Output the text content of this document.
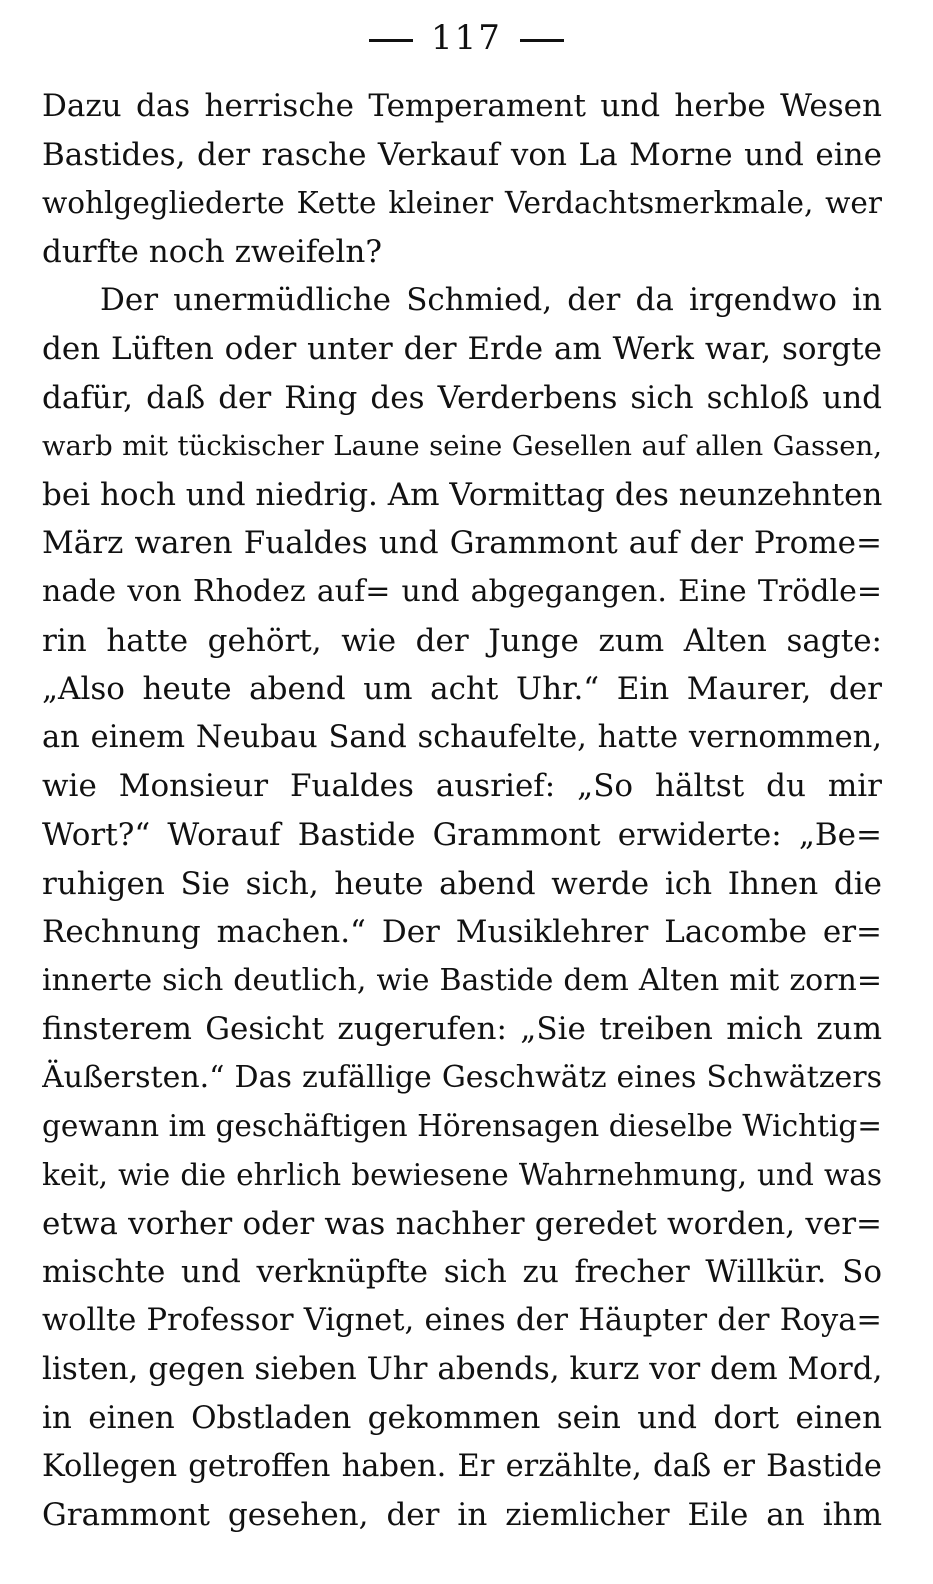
117
Dazu das herrische Temperament und herbe Wesen
Bastides, der rasche Verkauf von La Morne und eine
wohlgegliederte Kette kleiner Verdachtsmerkmale, wer
durfte noch zweifeln?
Der unermüdliche Schmied, der da irgendwo in
den Lüften oder unter der Erde am Werk war, sorgte
dafür, daß der Ring des Verderbens sich schloß und
warb mit tückischer Laune seine Gesellen auf allen Gassen,
bei hoch und niedrig. Am Vormittag des neunzehnten
März waren Fualdes und Grammont auf der Prome=
nade von Rhodez auf= und abgegangen. Eine Trödle=
rin hatte gehört, wie der Junge zum Alten sagte:
„Also heute abend um acht Uhr.“ Ein Maurer, der
an einem Neubau Sand schaufelte, hatte vernommen,
wie Monsieur Fualdes ausrief: „So hältst du mir
Wort?“ Worauf Bastide Grammont erwiderte: „Be=
ruhigen Sie sich, heute abend werde ich Ihnen die
Rechnung machen.“ Der Musiklehrer Lacombe er=
innerte sich deutlich, wie Bastide dem Alten mit zorn=
finsterem Gesicht zugerufen: „Sie treiben mich zum
Äußersten.“ Das zufällige Geschwätz eines Schwätzers
gewann im geschäftigen Hörensagen dieselbe Wichtig=
keit, wie die ehrlich bewiesene Wahrnehmung, und was
etwa vorher oder was nachher geredet worden, ver=
mischte und verknüpfte sich zu frecher Willkür. So
wollte Professor Vignet, eines der Häupter der Roya=
listen, gegen sieben Uhr abends, kurz vor dem Mord,
in einen Obstladen gekommen sein und dort einen
Kollegen getroffen haben. Er erzählte, daß er Bastide
Grammont gesehen, der in ziemlicher Eile an ihm
